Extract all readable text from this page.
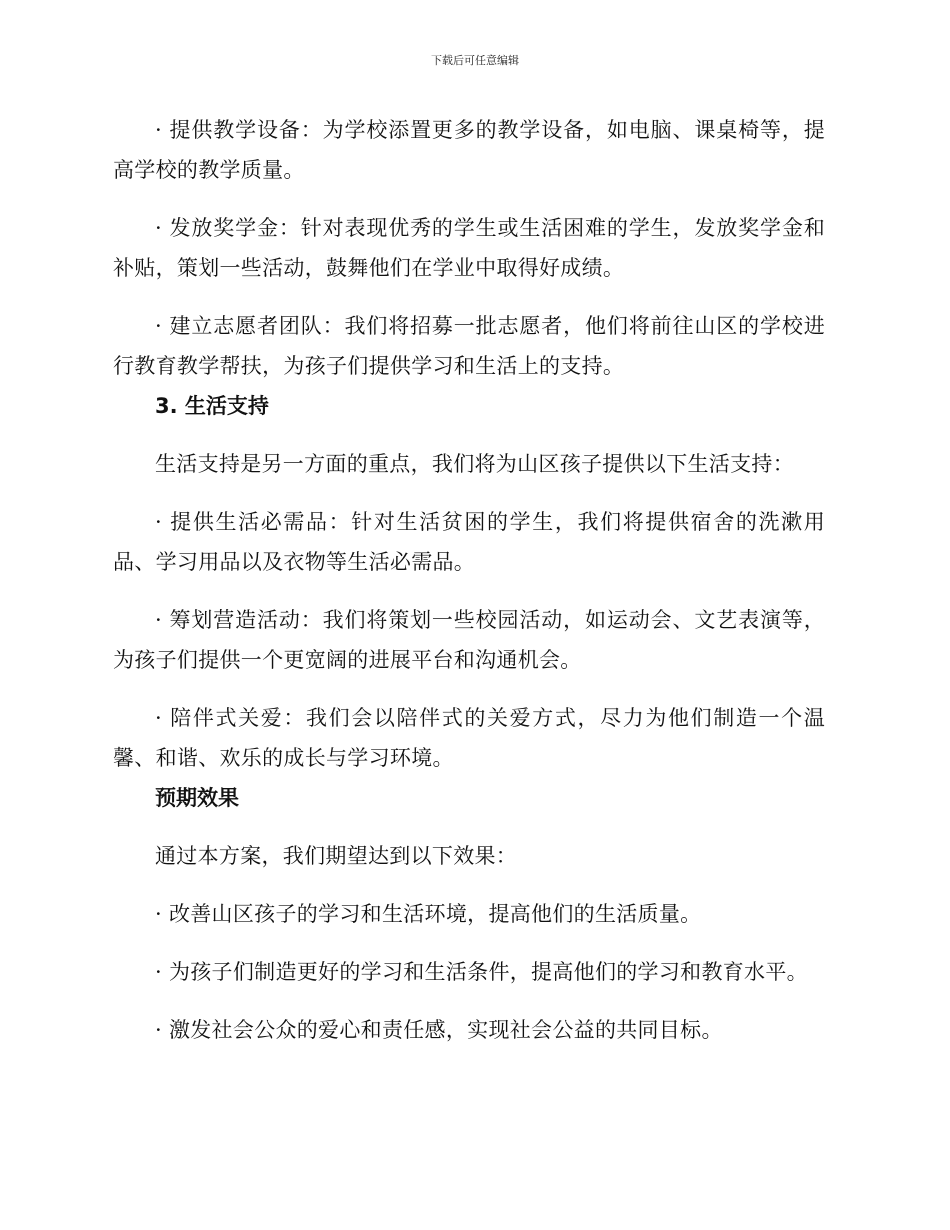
下载后可任意编辑

· 提供教学设备：为学校添置更多的教学设备，如电脑、课桌椅等，提高学校的教学质量。

· 发放奖学金：针对表现优秀的学生或生活困难的学生，发放奖学金和补贴，策划一些活动，鼓舞他们在学业中取得好成绩。

· 建立志愿者团队：我们将招募一批志愿者，他们将前往山区的学校进行教育教学帮扶，为孩子们提供学习和生活上的支持。

3. 生活支持

生活支持是另一方面的重点，我们将为山区孩子提供以下生活支持：

· 提供生活必需品：针对生活贫困的学生，我们将提供宿舍的洗漱用品、学习用品以及衣物等生活必需品。

· 筹划营造活动：我们将策划一些校园活动，如运动会、文艺表演等，为孩子们提供一个更宽阔的进展平台和沟通机会。

· 陪伴式关爱：我们会以陪伴式的关爱方式，尽力为他们制造一个温馨、和谐、欢乐的成长与学习环境。

预期效果

通过本方案，我们期望达到以下效果：

· 改善山区孩子的学习和生活环境，提高他们的生活质量。

· 为孩子们制造更好的学习和生活条件，提高他们的学习和教育水平。

· 激发社会公众的爱心和责任感，实现社会公益的共同目标。
